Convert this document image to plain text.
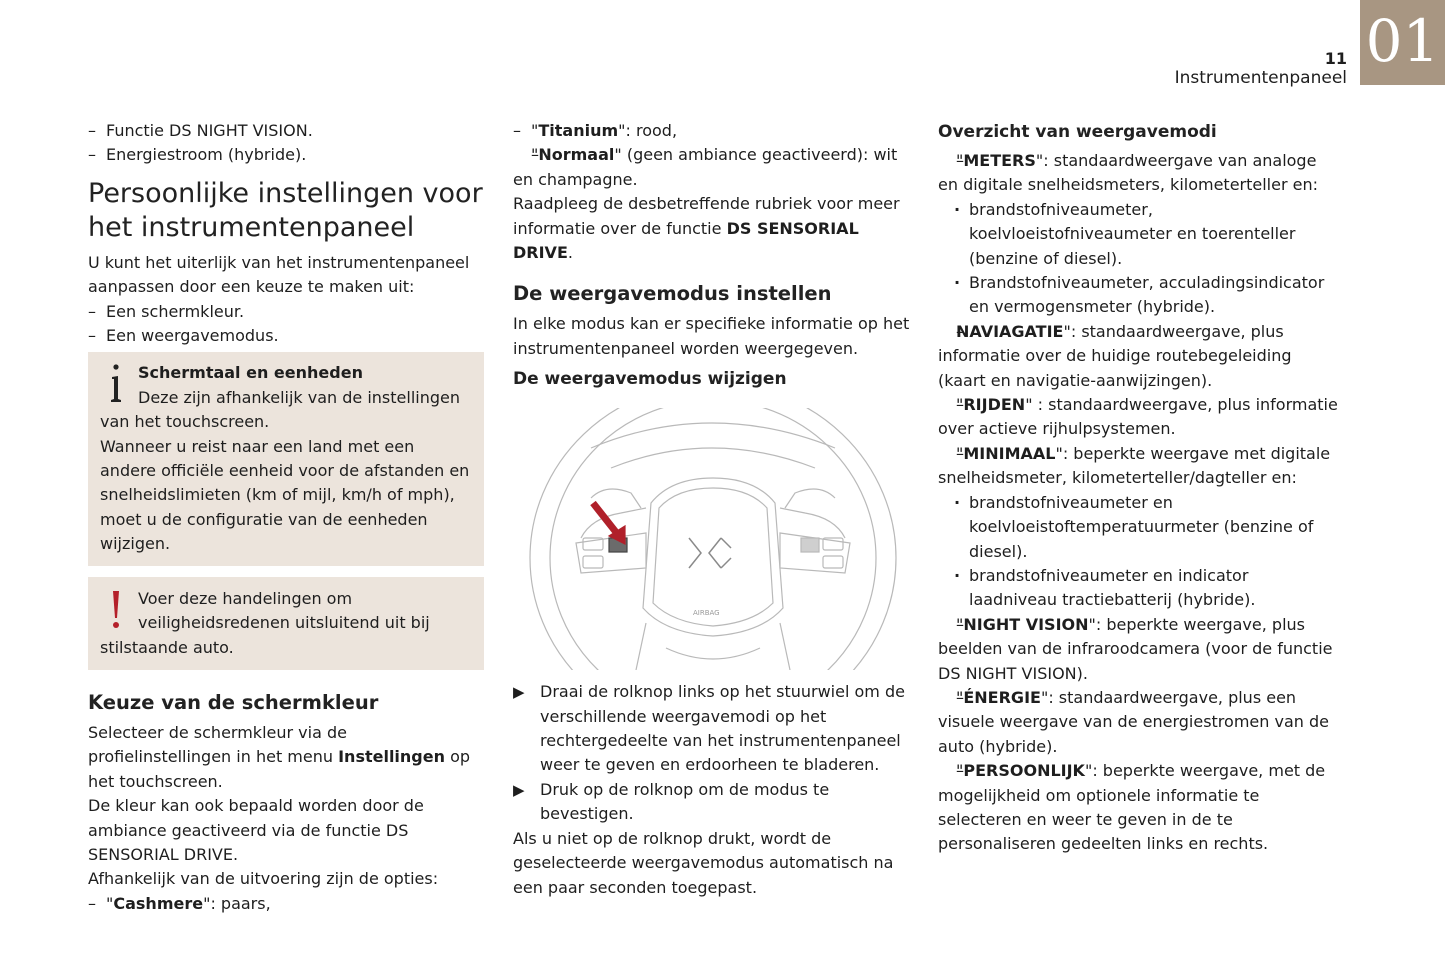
01
11
Instrumentenpaneel

– Functie DS NIGHT VISION.

– Energiestroom (hybride).

Persoonlijke instellingen voor het instrumentenpaneel

U kunt het uiterlijk van het instrumentenpaneel aanpassen door een keuze te maken uit:

– Een schermkleur.

– Een weergavemodus.

Schermtaal en eenheden

Deze zijn afhankelijk van de instellingen van het touchscreen.

Wanneer u reist naar een land met een andere officiële eenheid voor de afstanden en snelheidslimieten (km of mijl, km/h of mph), moet u de configuratie van de eenheden wijzigen.

Voer deze handelingen om veiligheidsredenen uitsluitend uit bij stilstaande auto.

Keuze van de schermkleur

Selecteer de schermkleur via de profielinstellingen in het menu Instellingen op het touchscreen.

De kleur kan ook bepaald worden door de ambiance geactiveerd via de functie DS SENSORIAL DRIVE.

Afhankelijk van de uitvoering zijn de opties:

– "Cashmere": paars,

– "Titanium": rood,

– "Normaal" (geen ambiance geactiveerd): wit en champagne.

Raadpleeg de desbetreffende rubriek voor meer informatie over de functie DS SENSORIAL DRIVE.

De weergavemodus instellen

In elke modus kan er specifieke informatie op het instrumentenpaneel worden weergegeven.

De weergavemodus wijzigen
AIRBAG

▶ Draai de rolknop links op het stuurwiel om de verschillende weergavemodi op het rechtergedeelte van het instrumentenpaneel weer te geven en erdoorheen te bladeren.

▶ Druk op de rolknop om de modus te bevestigen.

Als u niet op de rolknop drukt, wordt de geselecteerde weergavemodus automatisch na een paar seconden toegepast.

Overzicht van weergavemodi

– "METERS": standaardweergave van analoge en digitale snelheidsmeters, kilometerteller en:

· brandstofniveaumeter, koelvloeistofniveaumeter en toerenteller (benzine of diesel).

· Brandstofniveaumeter, acculadingsindicator en vermogensmeter (hybride).

– NAVIAGATIE": standaardweergave, plus informatie over de huidige routebegeleiding (kaart en navigatie-aanwijzingen).

– "RIJDEN" : standaardweergave, plus informatie over actieve rijhulpsystemen.

– "MINIMAAL": beperkte weergave met digitale snelheidsmeter, kilometerteller/dagteller en:

· brandstofniveaumeter en koelvloeistoftemperatuurmeter (benzine of diesel).

· brandstofniveaumeter en indicator laadniveau tractiebatterij (hybride).

– "NIGHT VISION": beperkte weergave, plus beelden van de infraroodcamera (voor de functie DS NIGHT VISION).

– "ÉNERGIE": standaardweergave, plus een visuele weergave van de energiestromen van de auto (hybride).

– "PERSOONLIJK": beperkte weergave, met de mogelijkheid om optionele informatie te selecteren en weer te geven in de te personaliseren gedeelten links en rechts.
